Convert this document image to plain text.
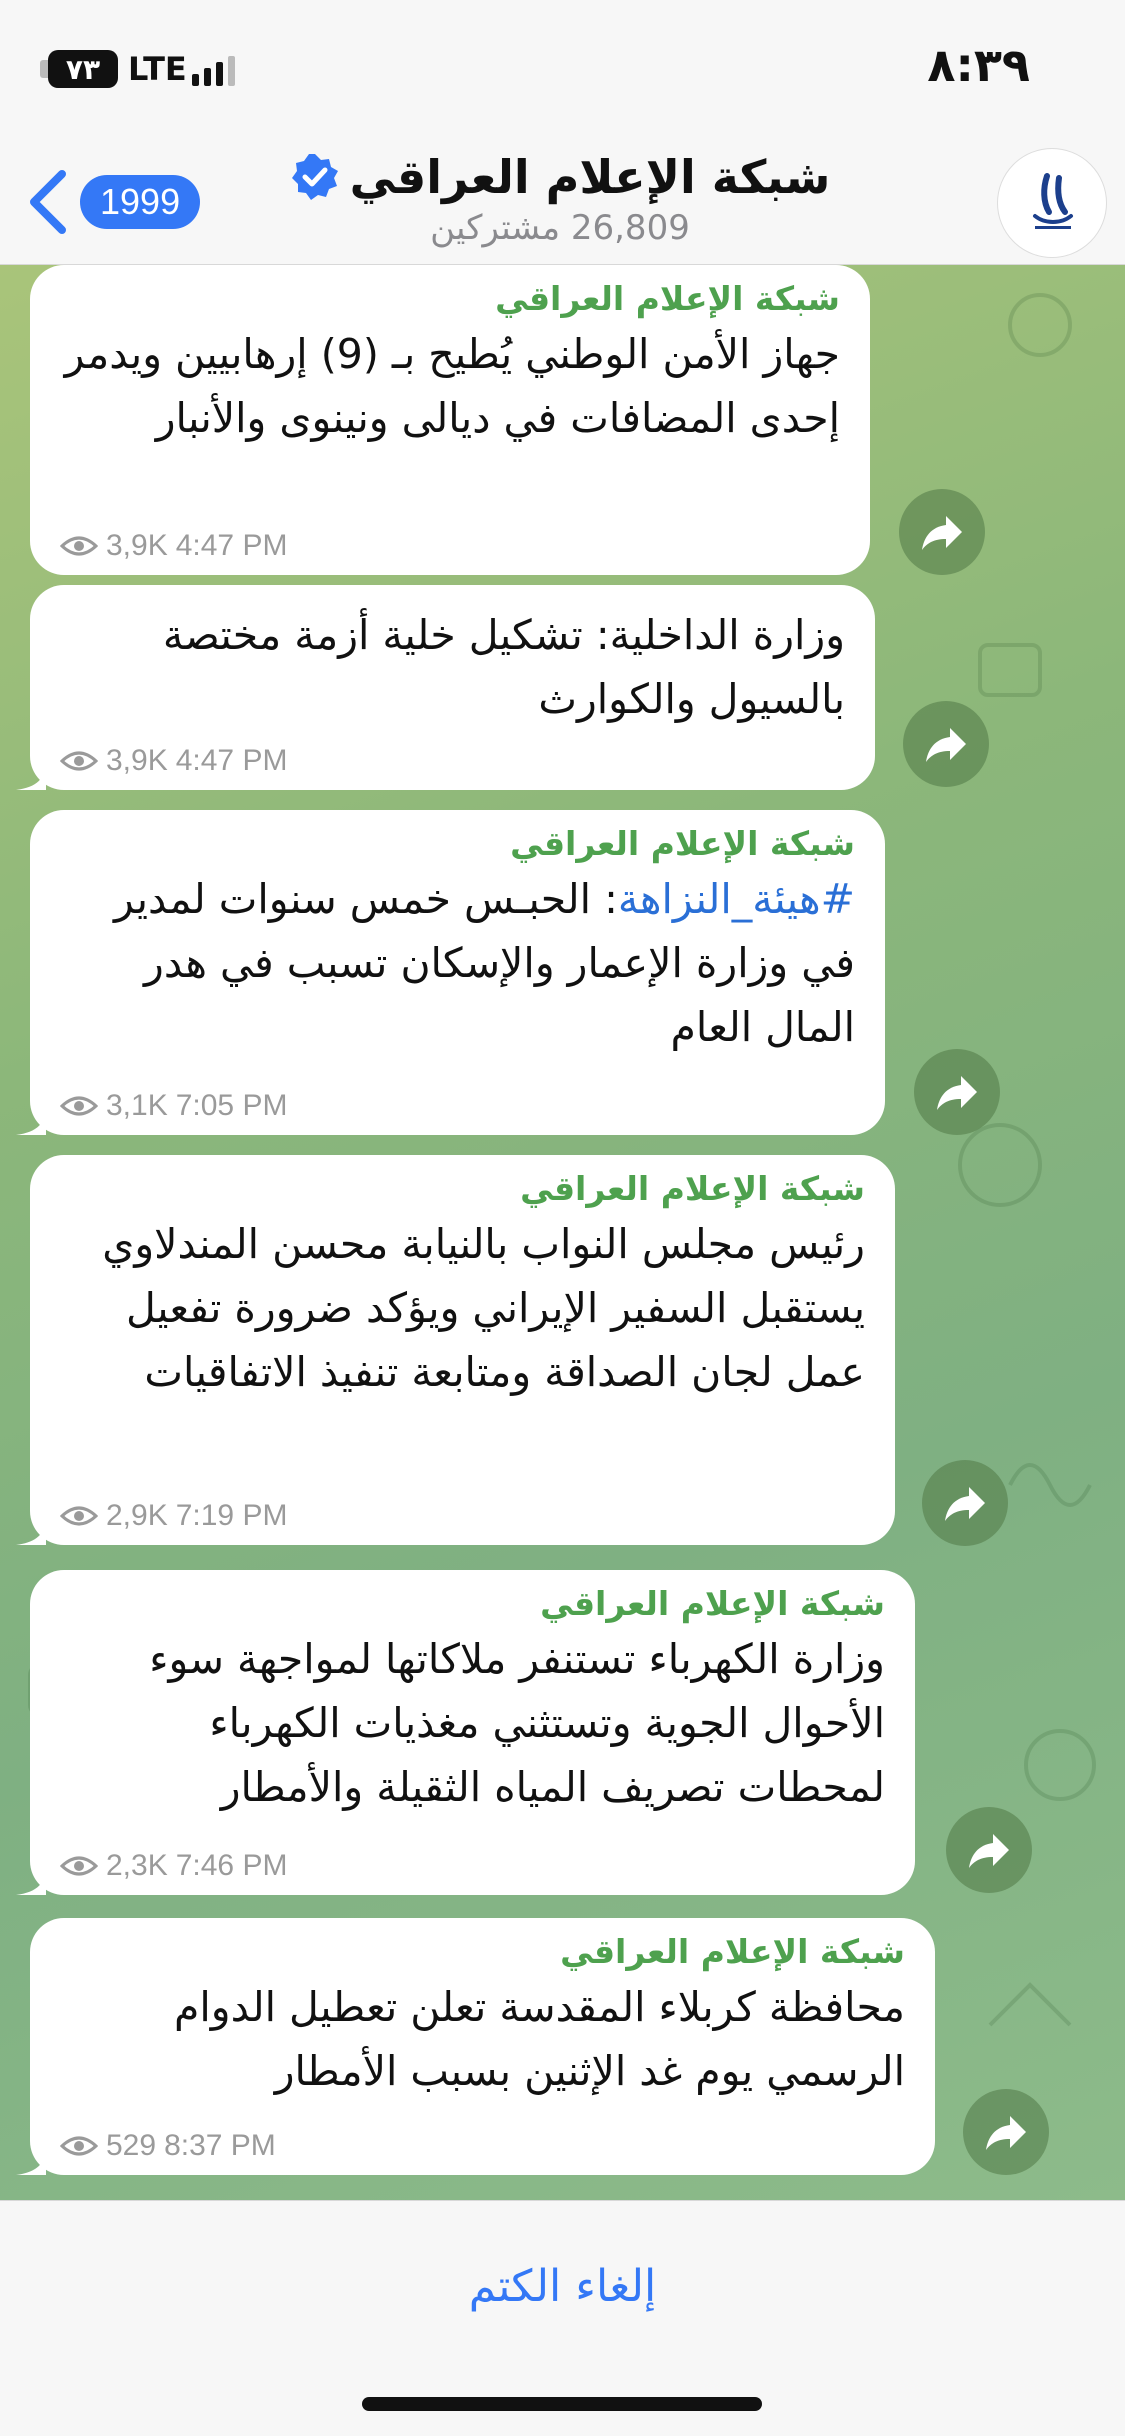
٧٣ LTE	٨:٣٩
1999	شبكة الإعلام العراقي
26,809 مشتركين
شبكة الإعلام العراقي
جهاز الأمن الوطني يُطيح بـ (9) إرهابيين ويدمر إحدى المضافات في ديالى ونينوى والأنبار
3,9K 4:47 PM
وزارة الداخلية: تشكيل خلية أزمة مختصة بالسيول والكوارث
3,9K 4:47 PM
شبكة الإعلام العراقي
#هيئة_النزاهة: الحبـس خمس سنوات لمدير في وزارة الإعمار والإسكان تسبب في هدر المال العام
3,1K 7:05 PM
شبكة الإعلام العراقي
رئيس مجلس النواب بالنيابة محسن المندلاوي يستقبل السفير الإيراني ويؤكد ضرورة تفعيل عمل لجان الصداقة ومتابعة تنفيذ الاتفاقيات
2,9K 7:19 PM
شبكة الإعلام العراقي
وزارة الكهرباء تستنفر ملاكاتها لمواجهة سوء الأحوال الجوية وتستثني مغذيات الكهرباء لمحطات تصريف المياه الثقيلة والأمطار
2,3K 7:46 PM
شبكة الإعلام العراقي
محافظة كربلاء المقدسة تعلن تعطيل الدوام الرسمي يوم غد الإثنين بسبب الأمطار
529 8:37 PM
إلغاء الكتم
